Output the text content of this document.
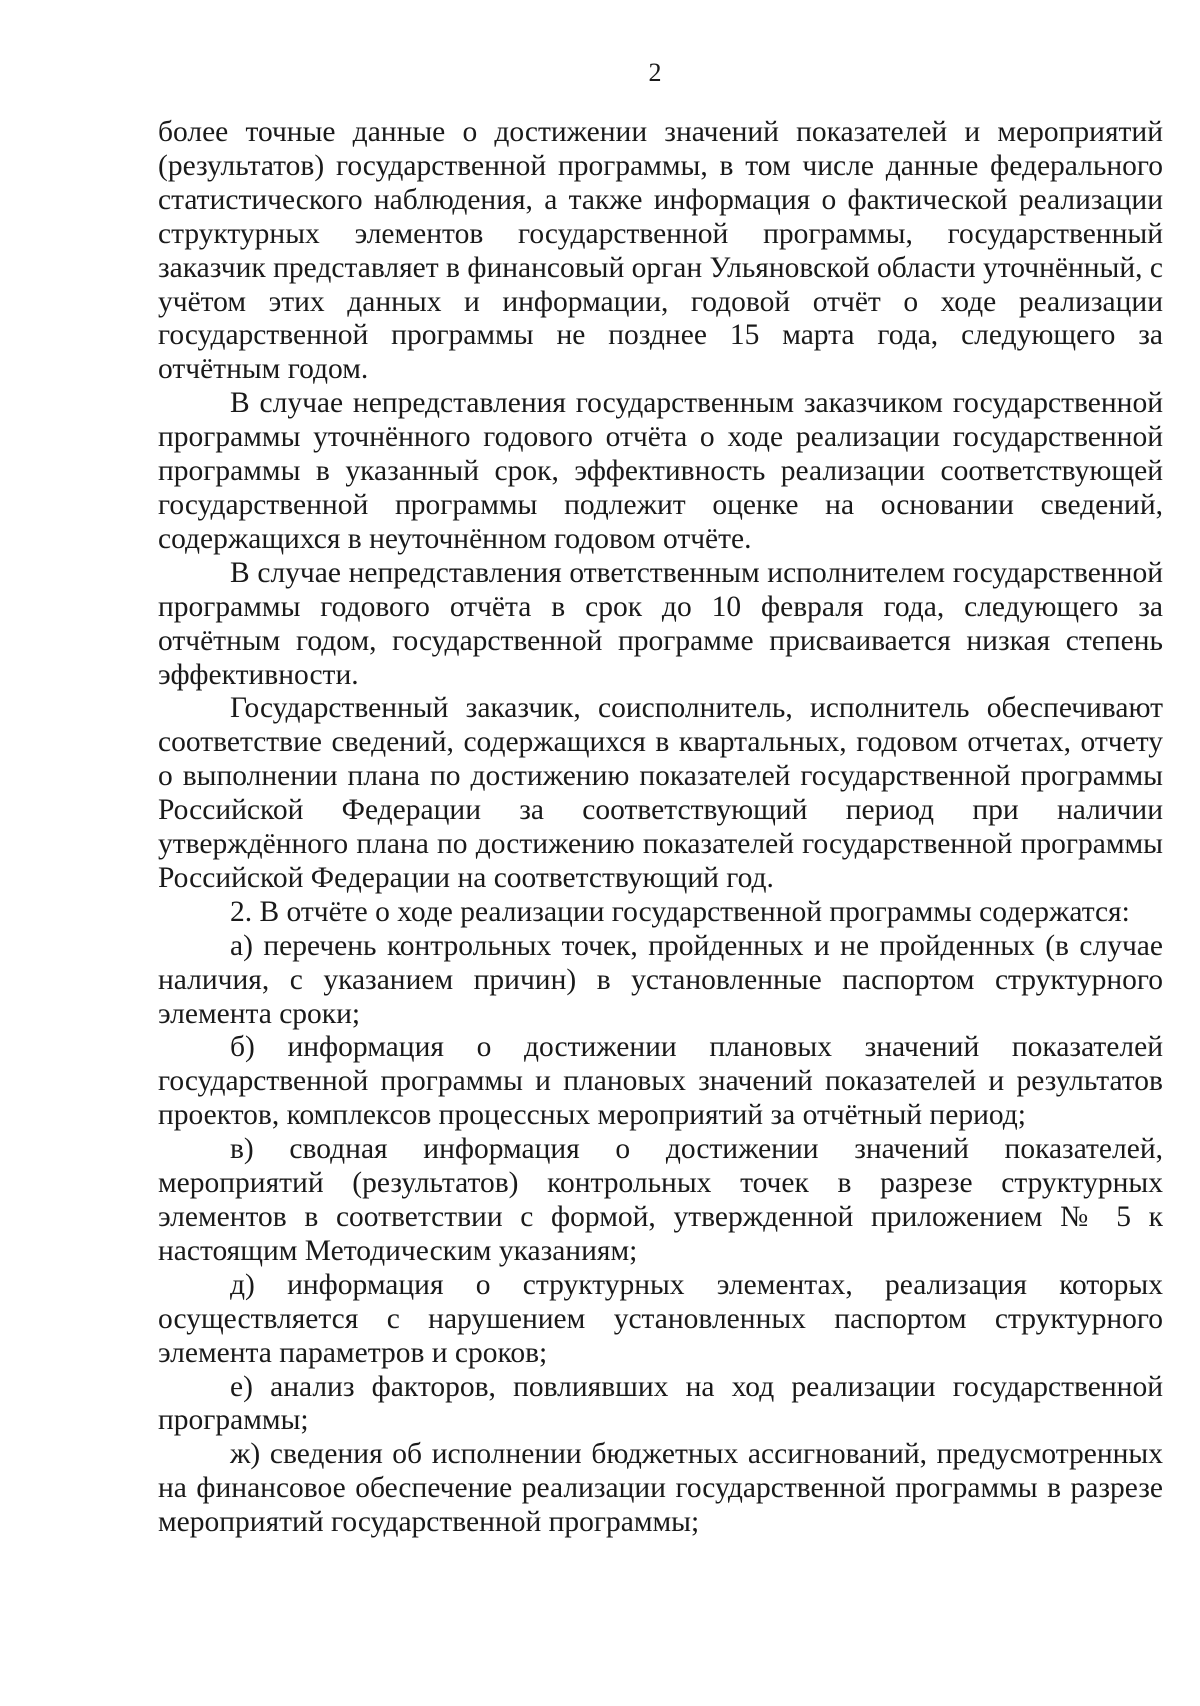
2

более точные данные о достижении значений показателей и мероприятий (результатов) государственной программы, в том числе данные федерального статистического наблюдения, а также информация о фактической реализации структурных элементов государственной программы, государственный заказчик представляет в финансовый орган Ульяновской области уточнённый, с учётом этих данных и информации, годовой отчёт о ходе реализации государственной программы не позднее 15 марта года, следующего за отчётным годом.

В случае непредставления государственным заказчиком государственной программы уточнённого годового отчёта о ходе реализации государственной программы в указанный срок, эффективность реализации соответствующей государственной программы подлежит оценке на основании сведений, содержащихся в неуточнённом годовом отчёте.

В случае непредставления ответственным исполнителем государственной программы годового отчёта в срок до 10 февраля года, следующего за отчётным годом, государственной программе присваивается низкая степень эффективности.

Государственный заказчик, соисполнитель, исполнитель обеспечивают соответствие сведений, содержащихся в квартальных, годовом отчетах, отчету о выполнении плана по достижению показателей государственной программы Российской Федерации за соответствующий период при наличии утверждённого плана по достижению показателей государственной программы Российской Федерации на соответствующий год.

2. В отчёте о ходе реализации государственной программы содержатся:

а) перечень контрольных точек, пройденных и не пройденных (в случае наличия, с указанием причин) в установленные паспортом структурного элемента сроки;

б) информация о достижении плановых значений показателей государственной программы и плановых значений показателей и результатов проектов, комплексов процессных мероприятий за отчётный период;

в) сводная информация о достижении значений показателей, мероприятий (результатов) контрольных точек в разрезе структурных элементов в соответствии с формой, утвержденной приложением № 5 к настоящим Методическим указаниям;

д) информация о структурных элементах, реализация которых осуществляется с нарушением установленных паспортом структурного элемента параметров и сроков;

е) анализ факторов, повлиявших на ход реализации государственной программы;

ж) сведения об исполнении бюджетных ассигнований, предусмотренных на финансовое обеспечение реализации государственной программы в разрезе мероприятий государственной программы;
